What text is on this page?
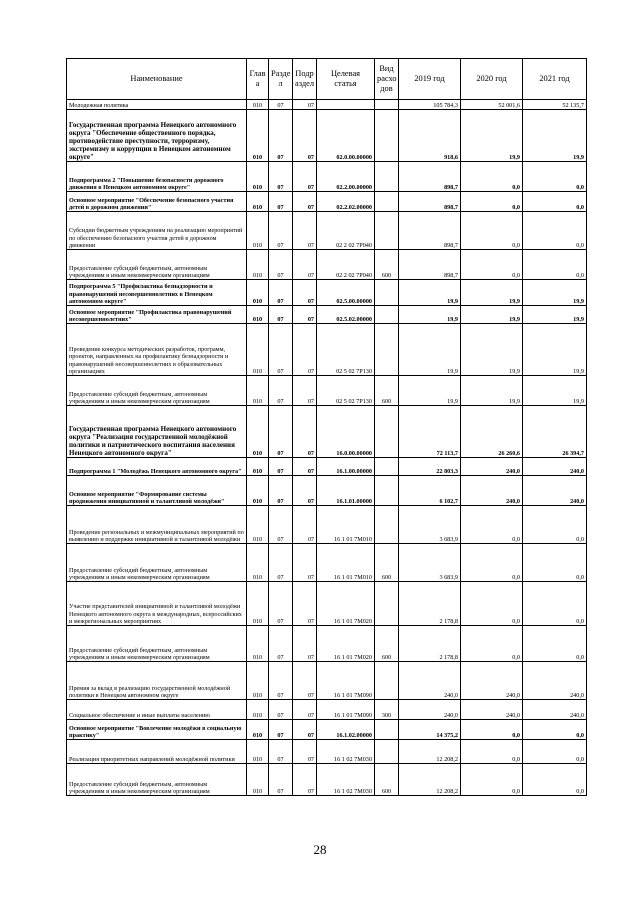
Наименование	Глав а	Разде л	Подр аздел	Целевая статья	Вид расхо дов	2019 год	2020 год	2021 год
Молодежная политика	010	07	07			105 784,3	52 001,6	52 135,7
Государственная программа Ненецкого автономного округа "Обеспечение общественного порядка, противодействие преступности, терроризму, экстремизму и коррупции в Ненецком автономном округе"	010	07	07	02.0.00.00000		918,6	19,9	19,9
Подпрограмма 2 "Повышение безопасности дорожного движения в Ненецком автономном округе"	010	07	07	02.2.00.00000		898,7	0,0	0,0
Основное мероприятие "Обеспечение безопасного участия детей в дорожном движении"	010	07	07	02.2.02.00000		898,7	0,0	0,0
Субсидии бюджетным учреждениям на реализацию мероприятий по обеспечению безопасного участия детей в дорожном движении	010	07	07	02 2 02 7Р040		898,7	0,0	0,0
Предоставление субсидий бюджетным, автономным учреждениям и иным некоммерческим организациям	010	07	07	02 2 02 7Р040	600	898,7	0,0	0,0
Подпрограмма 5 "Профилактика безнадзорности и правонарушений несовершеннолетних в Ненецком автономном округе"	010	07	07	02.5.00.00000		19,9	19,9	19,9
Основное мероприятие "Профилактика правонарушений несовершеннолетних"	010	07	07	02.5.02.00000		19,9	19,9	19,9
Проведение конкурса методических разработок, программ, проектов, направленных на профилактику безнадзорности и правонарушений несовершеннолетних в образовательных организациях	010	07	07	02 5 02 7Р130		19,9	19,9	19,9
Предоставление субсидий бюджетным, автономным учреждениям и иным некоммерческим организациям	010	07	07	02 5 02 7Р130	600	19,9	19,9	19,9
Государственная программа Ненецкого автономного округа "Реализация государственной молодёжной политики и патриотического воспитания населения Ненецкого автономного округа"	010	07	07	16.0.00.00000		72 113,7	26 260,6	26 394,7
Подпрограмма 1 "Молодёжь Ненецкого автономного округа"	010	07	07	16.1.00.00000		22 803,3	240,0	240,0
Основное мероприятие "Формирование системы продвижения инициативной и талантливой молодёжи"	010	07	07	16.1.01.00000		6 102,7	240,0	240,0
Проведение региональных и межмуниципальных мероприятий по выявлению и поддержке инициативной и талантливой молодёжи	010	07	07	16 1 01 7М010		3 683,9	0,0	0,0
Предоставление субсидий бюджетным, автономным учреждениям и иным некоммерческим организациям	010	07	07	16 1 01 7М010	600	3 683,9	0,0	0,0
Участие представителей инициативной и талантливой молодёжи Ненецкого автономного округа в международных, всероссийских и межрегиональных мероприятиях	010	07	07	16 1 01 7М020		2 178,8	0,0	0,0
Предоставление субсидий бюджетным, автономным учреждениям и иным некоммерческим организациям	010	07	07	16 1 01 7М020	600	2 178,8	0,0	0,0
Премия за вклад в реализацию государственной молодёжной политики в Ненецком автономном округе	010	07	07	16 1 01 7М090		240,0	240,0	240,0
Социальное обеспечение и иные выплаты населению	010	07	07	16 1 01 7М090	300	240,0	240,0	240,0
Основное мероприятие "Вовлечение молодёжи в социальную практику"	010	07	07	16.1.02.00000		14 375,2	0,0	0,0
Реализация приоритетных направлений молодёжной политики	010	07	07	16 1 02 7М030		12 208,2	0,0	0,0
Предоставление субсидий бюджетным, автономным учреждениям и иным некоммерческим организациям	010	07	07	16 1 02 7М030	600	12 208,2	0,0	0,0
28
